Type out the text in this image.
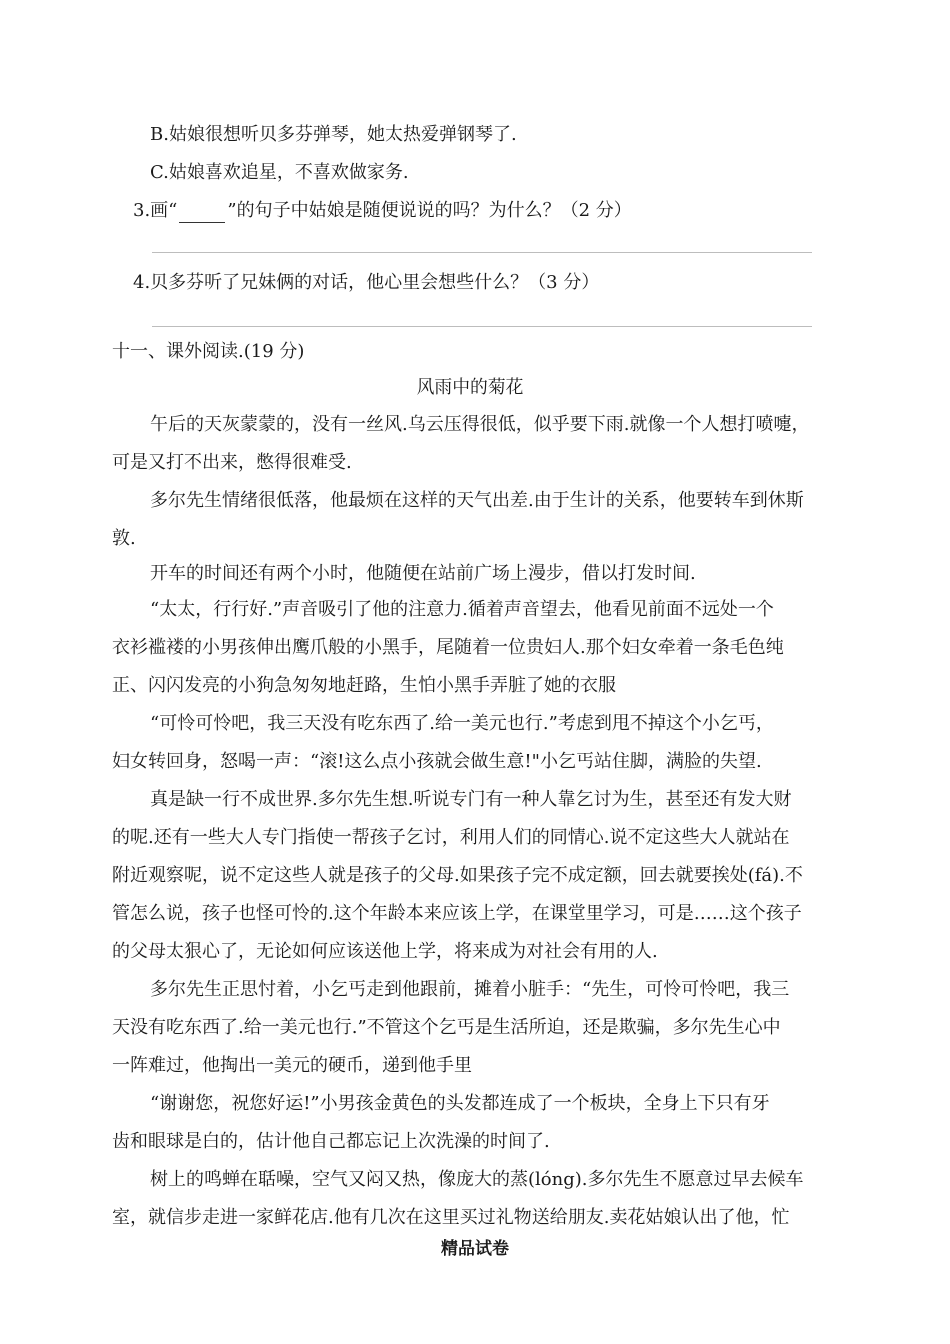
B.姑娘很想听贝多芬弹琴，她太热爱弹钢琴了.
C.姑娘喜欢追星，不喜欢做家务.
3.画“	”的句子中姑娘是随便说说的吗？为什么？（2 分）
4.贝多芬听了兄妹俩的对话，他心里会想些什么？（3 分）
十一、课外阅读.(19 分)
风雨中的菊花
午后的天灰蒙蒙的，没有一丝风.乌云压得很低，似乎要下雨.就像一个人想打喷嚏，
可是又打不出来，憋得很难受.
多尔先生情绪很低落，他最烦在这样的天气出差.由于生计的关系，他要转车到休斯
敦.
开车的时间还有两个小时，他随便在站前广场上漫步，借以打发时间.
“太太，行行好.”声音吸引了他的注意力.循着声音望去，他看见前面不远处一个
衣衫褴褛的小男孩伸出鹰爪般的小黑手，尾随着一位贵妇人.那个妇女牵着一条毛色纯
正、闪闪发亮的小狗急匆匆地赶路，生怕小黑手弄脏了她的衣服
“可怜可怜吧，我三天没有吃东西了.给一美元也行.”考虑到甩不掉这个小乞丐，
妇女转回身，怒喝一声：“滚!这么点小孩就会做生意!"小乞丐站住脚，满脸的失望.
真是缺一行不成世界.多尔先生想.听说专门有一种人靠乞讨为生，甚至还有发大财
的呢.还有一些大人专门指使一帮孩子乞讨，利用人们的同情心.说不定这些大人就站在
附近观察呢，说不定这些人就是孩子的父母.如果孩子完不成定额，回去就要挨处(fá).不
管怎么说，孩子也怪可怜的.这个年龄本来应该上学，在课堂里学习，可是……这个孩子
的父母太狠心了，无论如何应该送他上学，将来成为对社会有用的人.
多尔先生正思忖着，小乞丐走到他跟前，摊着小脏手：“先生，可怜可怜吧，我三
天没有吃东西了.给一美元也行.”不管这个乞丐是生活所迫，还是欺骗，多尔先生心中
一阵难过，他掏出一美元的硬币，递到他手里
“谢谢您，祝您好运!”小男孩金黄色的头发都连成了一个板块，全身上下只有牙
齿和眼球是白的，估计他自己都忘记上次洗澡的时间了.
树上的鸣蝉在聒噪，空气又闷又热，像庞大的蒸(lóng).多尔先生不愿意过早去候车
室，就信步走进一家鲜花店.他有几次在这里买过礼物送给朋友.卖花姑娘认出了他，忙
精品试卷
